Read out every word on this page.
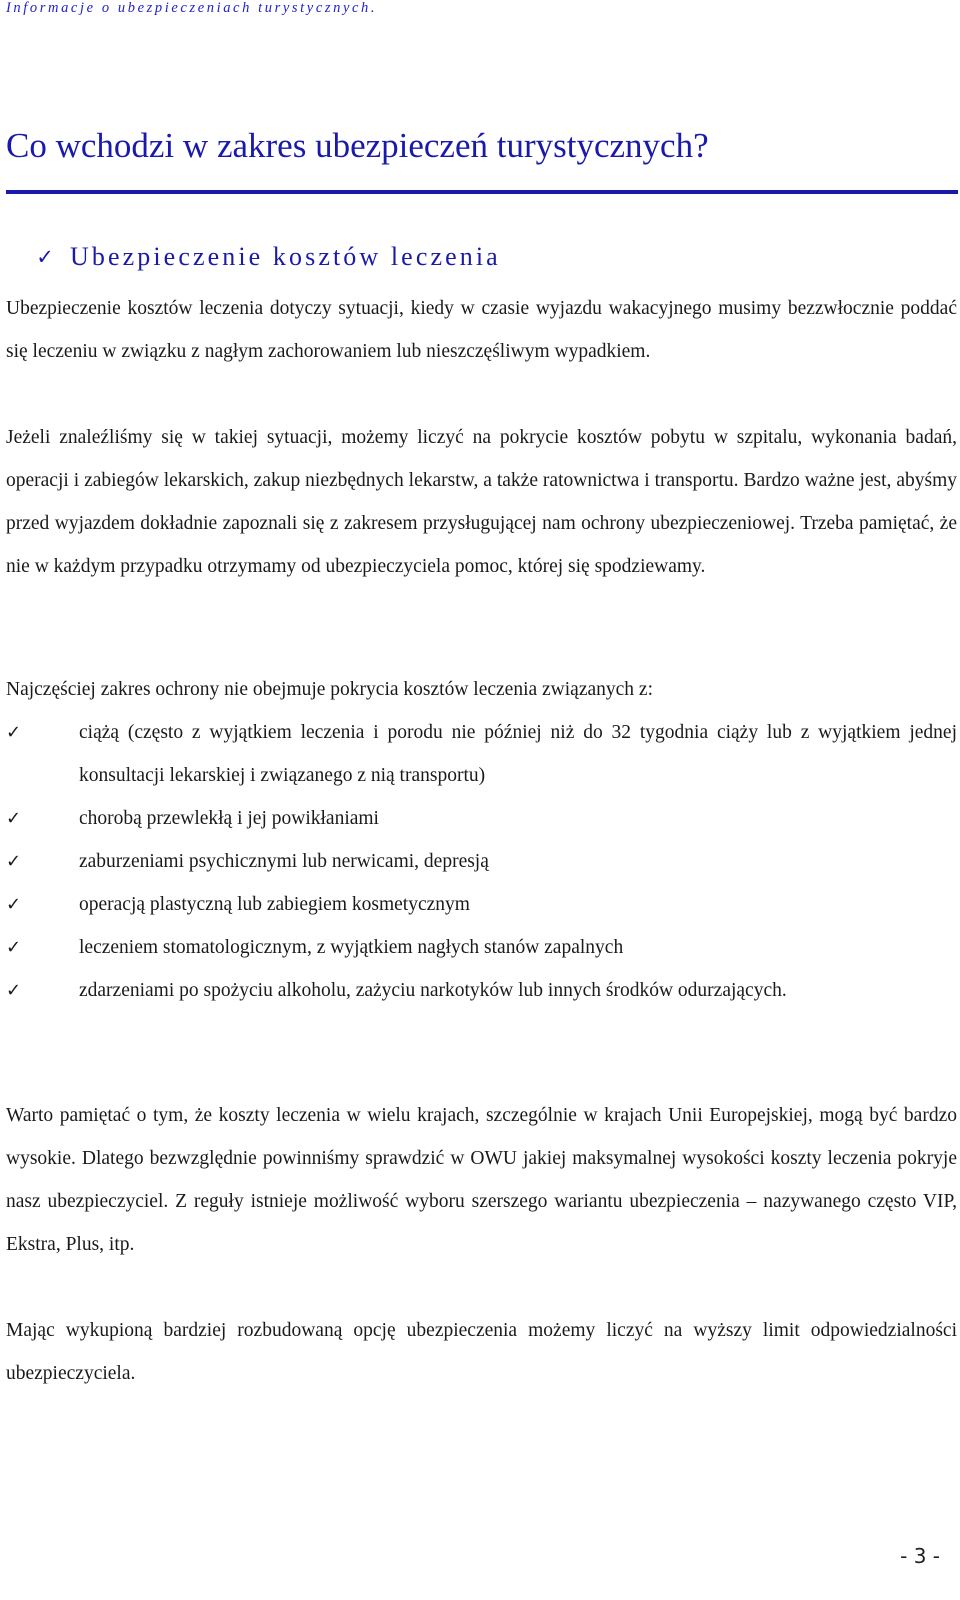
Informacje o ubezpieczeniach turystycznych.
Co wchodzi w zakres ubezpieczeń turystycznych?
✓ Ubezpieczenie kosztów leczenia

Ubezpieczenie kosztów leczenia dotyczy sytuacji, kiedy w czasie wyjazdu wakacyjnego musimy bezzwłocznie poddać się leczeniu w związku z nagłym zachorowaniem lub nieszczęśliwym wypadkiem.

Jeżeli znaleźliśmy się w takiej sytuacji, możemy liczyć na pokrycie kosztów pobytu w szpitalu, wykonania badań, operacji i zabiegów lekarskich, zakup niezbędnych lekarstw, a także ratownictwa i transportu. Bardzo ważne jest, abyśmy przed wyjazdem dokładnie zapoznali się z zakresem przysługującej nam ochrony ubezpieczeniowej. Trzeba pamiętać, że nie w każdym przypadku otrzymamy od ubezpieczyciela pomoc, której się spodziewamy.

Najczęściej zakres ochrony nie obejmuje pokrycia kosztów leczenia związanych z:

✓	ciążą (często z wyjątkiem leczenia i porodu nie później niż do 32 tygodnia ciąży lub z wyjątkiem jednej konsultacji lekarskiej i związanego z nią transportu)
✓	chorobą przewlekłą i jej powikłaniami
✓	zaburzeniami psychicznymi lub nerwicami, depresją
✓	operacją plastyczną lub zabiegiem kosmetycznym
✓	leczeniem stomatologicznym, z wyjątkiem nagłych stanów zapalnych
✓	zdarzeniami po spożyciu alkoholu, zażyciu narkotyków lub innych środków odurzających.

Warto pamiętać o tym, że koszty leczenia w wielu krajach, szczególnie w krajach Unii Europejskiej, mogą być bardzo wysokie. Dlatego bezwzględnie powinniśmy sprawdzić w OWU jakiej maksymalnej wysokości koszty leczenia pokryje nasz ubezpieczyciel. Z reguły istnieje możliwość wyboru szerszego wariantu ubezpieczenia – nazywanego często VIP, Ekstra, Plus, itp.

Mając wykupioną bardziej rozbudowaną opcję ubezpieczenia możemy liczyć na wyższy limit odpowiedzialności ubezpieczyciela.

- 3 -
